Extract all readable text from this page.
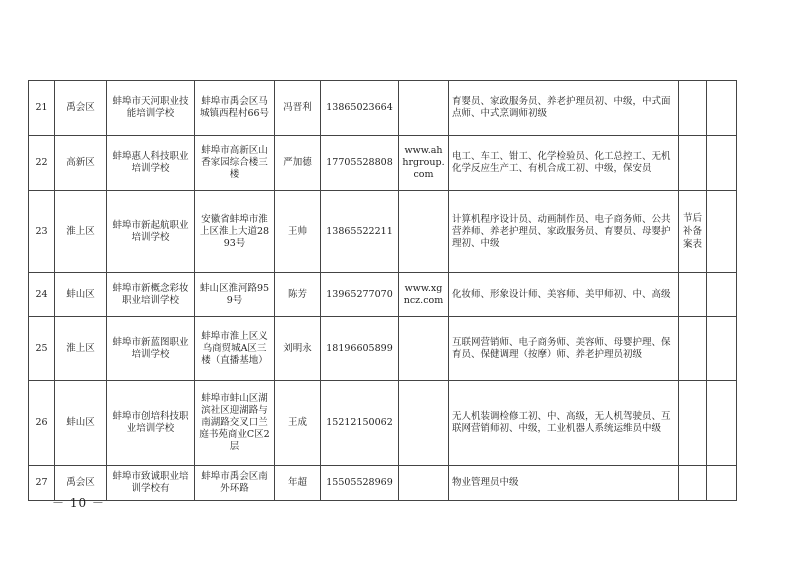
21	禹会区	蚌埠市天河职业技能培训学校	蚌埠市禹会区马城镇西程村66号	冯晋利	13865023664		育婴员、家政服务员、养老护理员初、中级，中式面点师、中式烹调师初级		
22	高新区	蚌埠惠人科技职业培训学校	蚌埠市高新区山香家园综合楼三楼	严加德	17705528808	www.ahhrgroup.com	电工、车工、钳工、化学检验员、化工总控工、无机化学反应生产工、有机合成工初、中级，保安员		
23	淮上区	蚌埠市新起航职业培训学校	安徽省蚌埠市淮上区淮上大道2893号	王帅	13865522211		计算机程序设计员、动画制作员、电子商务师、公共营养师、养老护理员、家政服务员、育婴员、母婴护理初、中级	节后补备案表	
24	蚌山区	蚌埠市新概念彩妆职业培训学校	蚌山区淮河路959号	陈芳	13965277070	www.xgncz.com	化妆师、形象设计师、美容师、美甲师初、中、高级		
25	淮上区	蚌埠市新蓝图职业培训学校	蚌埠市淮上区义乌商贸城A区三楼（直播基地）	刘明永	18196605899		互联网营销师、电子商务师、美容师、母婴护理、保育员、保健调理（按摩）师、养老护理员初级		
26	蚌山区	蚌埠市创培科技职业培训学校	蚌埠市蚌山区湖滨社区迎湖路与南湖路交叉口兰庭书苑商业C区2层	王成	15212150062		无人机装调检修工初、中、高级，无人机驾驶员、互联网营销师初、中级，工业机器人系统运维员中级		
27	禹会区	蚌埠市致诚职业培训学校有	蚌埠市禹会区南外环路	年超	15505528969		物业管理员中级		
－ 10 －
